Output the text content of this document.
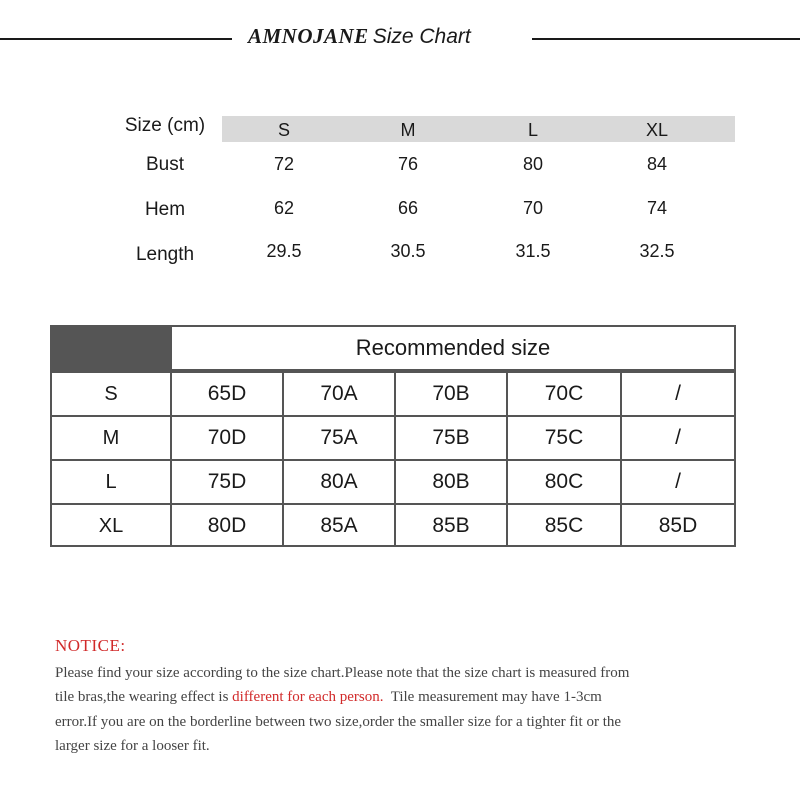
AMNOJANE Size Chart
Size (cm)	S	M	L	XL
Bust	72	76	80	84
Hem	62	66	70	74
Length	29.5	30.5	31.5	32.5
Recommended size
S	65D	70A	70B	70C	/
M	70D	75A	75B	75C	/
L	75D	80A	80B	80C	/
XL	80D	85A	85B	85C	85D
NOTICE:
Please find your size according to the size chart.Please note that the size chart is measured from
tile bras,the wearing effect is different for each person.  Tile measurement may have 1-3cm
error.If you are on the borderline between two size,order the smaller size for a tighter fit or the
larger size for a looser fit.
